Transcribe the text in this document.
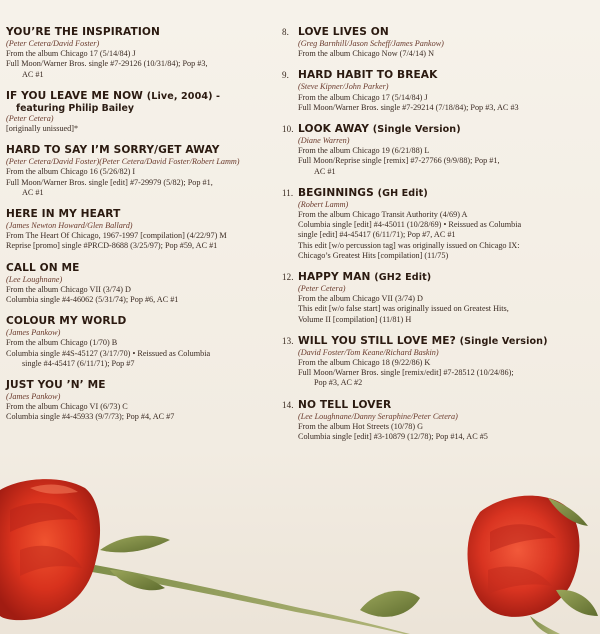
YOU’RE THE INSPIRATION
(Peter Cetera/David Foster)
From the album Chicago 17 (5/14/84) J
Full Moon/Warner Bros. single #7-29126 (10/31/84); Pop #3,
AC #1
IF YOU LEAVE ME NOW
(Live, 2004) -
featuring Philip Bailey
(Peter Cetera)
[originally unissued]*
HARD TO SAY I’M SORRY/GET AWAY
(Peter Cetera/David Foster)(Peter Cetera/David Foster/Robert Lamm)
From the album Chicago 16 (5/26/82) I
Full Moon/Warner Bros. single [edit] #7-29979 (5/82); Pop #1,
AC #1
HERE IN MY HEART
(James Newton Howard/Glen Ballard)
From The Heart Of Chicago, 1967-1997 [compilation] (4/22/97) M
Reprise [promo] single #PRCD-8688 (3/25/97); Pop #59, AC #1
CALL ON ME
(Lee Loughnane)
From the album Chicago VII (3/74) D
Columbia single #4-46062 (5/31/74); Pop #6, AC #1
COLOUR MY WORLD
(James Pankow)
From the album Chicago (1/70) B
Columbia single #4S-45127 (3/17/70) • Reissued as Columbia
single #4-45417 (6/11/71); Pop #7
JUST YOU ’N’ ME
(James Pankow)
From the album Chicago VI (6/73) C
Columbia single #4-45933 (9/7/73); Pop #4, AC #7
8. LOVE LIVES ON
(Greg Barnhill/Jason Scheff/James Pankow)
From the album Chicago Now (7/4/14) N
9. HARD HABIT TO BREAK
(Steve Kipner/John Parker)
From the album Chicago 17 (5/14/84) J
Full Moon/Warner Bros. single #7-29214 (7/18/84); Pop #3, AC #3
10. LOOK AWAY
(Single Version)
(Diane Warren)
From the album Chicago 19 (6/21/88) L
Full Moon/Reprise single [remix] #7-27766 (9/9/88); Pop #1,
AC #1
11. BEGINNINGS
(GH Edit)
(Robert Lamm)
From the album Chicago Transit Authority (4/69) A
Columbia single [edit] #4-45011 (10/28/69) • Reissued as Columbia
single [edit] #4-45417 (6/11/71); Pop #7, AC #1
This edit [w/o percussion tag] was originally issued on Chicago IX:
Chicago’s Greatest Hits [compilation] (11/75)
12. HAPPY MAN
(GH2 Edit)
(Peter Cetera)
From the album Chicago VII (3/74) D
This edit [w/o false start] was originally issued on Greatest Hits,
Volume II [compilation] (11/81) H
13. WILL YOU STILL LOVE ME?
(Single Version)
(David Foster/Tom Keane/Richard Baskin)
From the album Chicago 18 (9/22/86) K
Full Moon/Warner Bros. single [remix/edit] #7-28512 (10/24/86);
Pop #3, AC #2
14. NO TELL LOVER
(Lee Loughnane/Danny Seraphine/Peter Cetera)
From the album Hot Streets (10/78) G
Columbia single [edit] #3-10879 (12/78); Pop #14, AC #5
